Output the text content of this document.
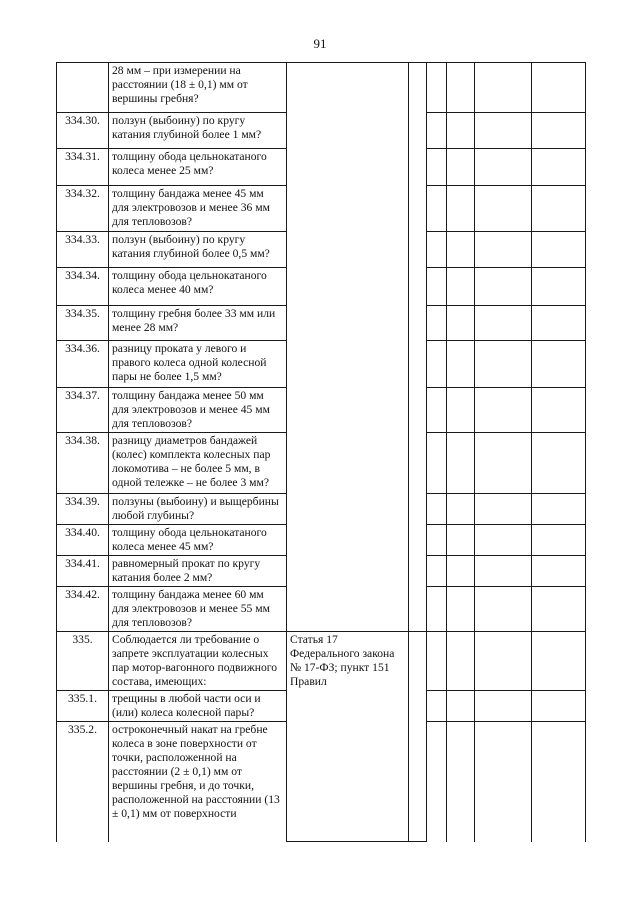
91
	28 мм – при измерении на расстоянии (18 ± 0,1) мм от вершины гребня?						
334.30.	ползун (выбоину) по кругу катания глубиной более 1 мм?						
334.31.	толщину обода цельнокатаного колеса менее 25 мм?						
334.32.	толщину бандажа менее 45 мм для электровозов и менее 36 мм для тепловозов?						
334.33.	ползун (выбоину) по кругу катания глубиной более 0,5 мм?						
334.34.	толщину обода цельнокатаного колеса менее 40 мм?						
334.35.	толщину гребня более 33 мм или менее 28 мм?						
334.36.	разницу проката у левого и правого колеса одной колесной пары не более 1,5 мм?						
334.37.	толщину бандажа менее 50 мм для электровозов и менее 45 мм для тепловозов?						
334.38.	разницу диаметров бандажей (колес) комплекта колесных пар локомотива – не более 5 мм, в одной тележке – не более 3 мм?						
334.39.	ползуны (выбоину) и выщербины любой глубины?						
334.40.	толщину обода цельнокатаного колеса менее 45 мм?						
334.41.	равномерный прокат по кругу катания более 2 мм?						
334.42.	толщину бандажа менее 60 мм для электровозов и менее 55 мм для тепловозов?						
335.	Соблюдается ли требование о запрете эксплуатации колесных пар мотор-вагонного подвижного состава, имеющих:	Статья 17 Федерального закона № 17-ФЗ; пункт 151 Правил					
335.1.	трещины в любой части оси и (или) колеса колесной пары?						
335.2.	остроконечный накат на гребне колеса в зоне поверхности от точки, расположенной на расстоянии (2 ± 0,1) мм от вершины гребня, и до точки, расположенной на расстоянии (13 ± 0,1) мм от поверхности						
